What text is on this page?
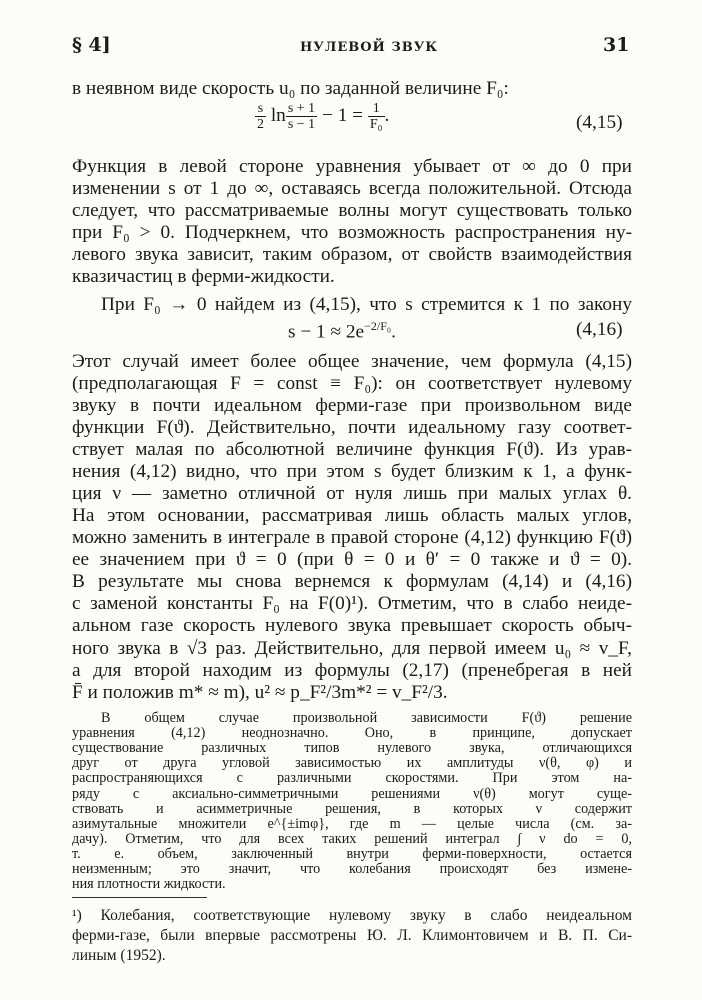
§ 4]	НУЛЕВОЙ ЗВУК	31
в неявном виде скорость u₀ по заданной величине F₀:
$\frac{s}{2}$ $\ln \frac{s + 1}{s - 1} - 1 = \frac{1}{\text{F₀}}$ .	(4,15)
Функция в левой стороне уравнения убывает от ∞ до 0 при
изменении s от 1 до ∞, оставаясь всегда положительной. Отсюда
следует, что рассматриваемые волны могут существовать только
при F₀ > 0. Подчеркнем, что возможность распространения ну-
левого звука зависит, таким образом, от свойств взаимодействия
квазичастиц в ферми-жидкости.
При F₀ → 0 найдем из (4,15), что s стремится к 1 по закону
$s - 1 \approx 2e^{-2/F_0}$.	(4,16)
Этот случай имеет более общее значение, чем формула (4,15)
(предполагающая F = const ≡ F₀): он соответствует нулевому
звуку в почти идеальном ферми-газе при произвольном виде
функции F(ϑ). Действительно, почти идеальному газу соответ-
ствует малая по абсолютной величине функция F(ϑ). Из урав-
нения (4,12) видно, что при этом s будет близким к 1, а функ-
ция ν — заметно отличной от нуля лишь при малых углах θ.
На этом основании, рассматривая лишь область малых углов,
можно заменить в интеграле в правой стороне (4,12) функцию F(ϑ)
ее значением при ϑ = 0 (при θ = 0 и θ′ = 0 также и ϑ = 0).
В результате мы снова вернемся к формулам (4,14) и (4,16)
с заменой константы F₀ на F(0)¹). Отметим, что в слабо неиде-
альном газе скорость нулевого звука превышает скорость обыч-
ного звука в √3 раз. Действительно, для первой имеем u₀ ≈ v_F,
а для второй находим из формулы (2,17) (пренебрегая в ней
F̄ и положив m* ≈ m), u² ≈ p_F²/3m*² = v_F²/3.
¹) Колебания, соответствующие нулевому звуку в слабо неидеальном
ферми-газе, были впервые рассмотрены Ю. Л. Климонтовичем и В. П. Си-
линым (1952).
В общем случае произвольной зависимости F(ϑ) решение
уравнения (4,12) неоднозначно. Оно, в принципе, допускает
существование различных типов нулевого звука, отличающихся
друг от друга угловой зависимостью их амплитуды ν(θ, φ) и
распространяющихся с различными скоростями. При этом на-
ряду с аксиально-симметричными решениями ν(θ) могут суще-
ствовать и асимметричные решения, в которых ν содержит
азимутальные множители e^{±imφ}, где m — целые числа (см. за-
дачу). Отметим, что для всех таких решений интеграл ∫ ν do = 0,
т. е. объем, заключенный внутри ферми-поверхности, остается
неизменным; это значит, что колебания происходят без измене-
ния плотности жидкости.
